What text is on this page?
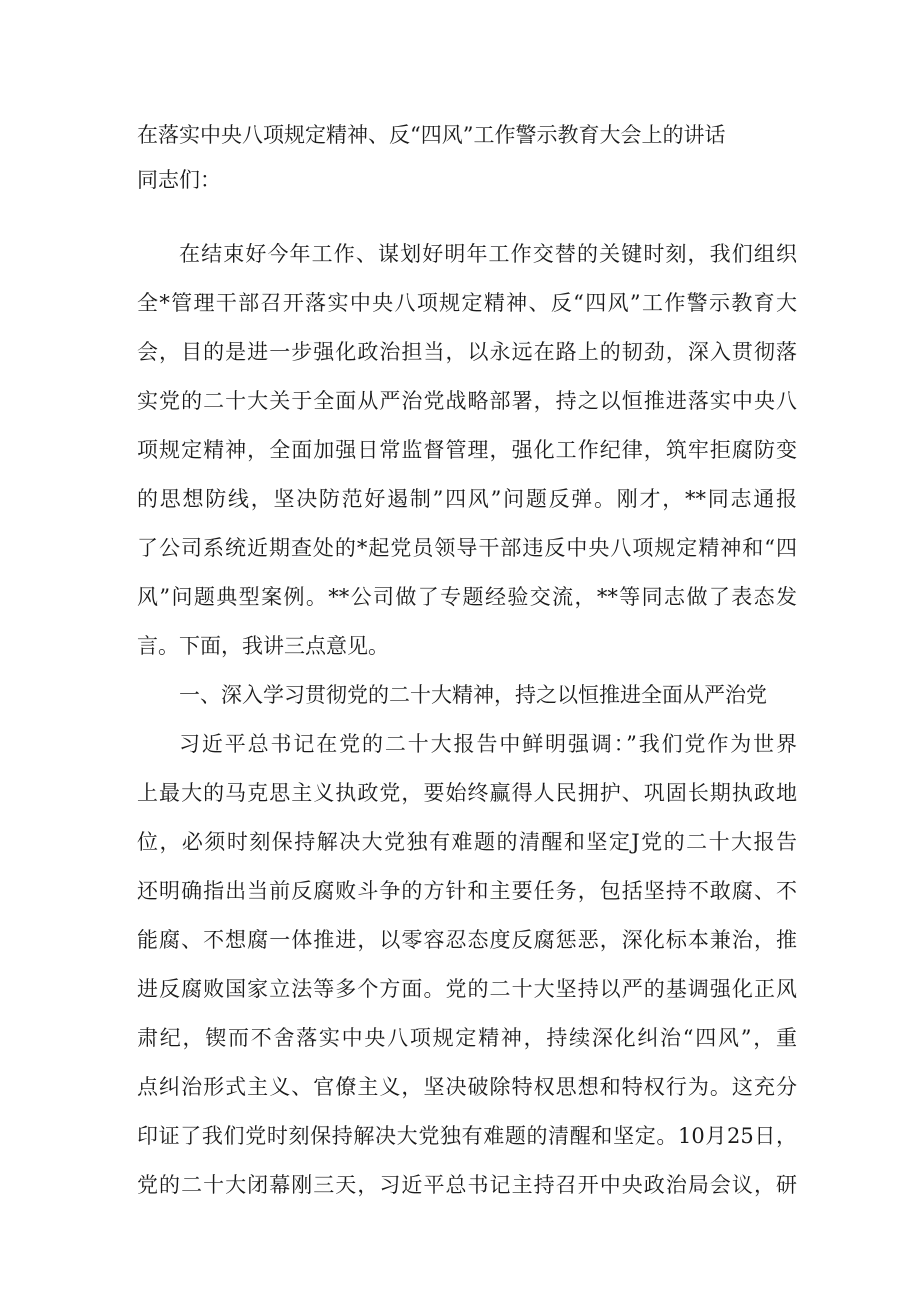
在落实中央八项规定精神、反“四风”工作警示教育大会上的讲话
同志们：
在结束好今年工作、谋划好明年工作交替的关键时刻，我们组织
全*管理干部召开落实中央八项规定精神、反“四风”工作警示教育大
会，目的是进一步强化政治担当，以永远在路上的韧劲，深入贯彻落
实党的二十大关于全面从严治党战略部署，持之以恒推进落实中央八
项规定精神，全面加强日常监督管理，强化工作纪律，筑牢拒腐防变
的思想防线，坚决防范好遏制”四风”问题反弹。刚才，**同志通报
了公司系统近期查处的*起党员领导干部违反中央八项规定精神和“四
风”问题典型案例。**公司做了专题经验交流，**等同志做了表态发
言。下面，我讲三点意见。
一、深入学习贯彻党的二十大精神，持之以恒推进全面从严治党
习近平总书记在党的二十大报告中鲜明强调：”我们党作为世界
上最大的马克思主义执政党，要始终赢得人民拥护、巩固长期执政地
位，必须时刻保持解决大党独有难题的清醒和坚定J党的二十大报告
还明确指出当前反腐败斗争的方针和主要任务，包括坚持不敢腐、不
能腐、不想腐一体推进，以零容忍态度反腐惩恶，深化标本兼治，推
进反腐败国家立法等多个方面。党的二十大坚持以严的基调强化正风
肃纪，锲而不舍落实中央八项规定精神，持续深化纠治“四风”，重
点纠治形式主义、官僚主义，坚决破除特权思想和特权行为。这充分
印证了我们党时刻保持解决大党独有难题的清醒和坚定。10月25日，
党的二十大闭幕刚三天，习近平总书记主持召开中央政治局会议，研
